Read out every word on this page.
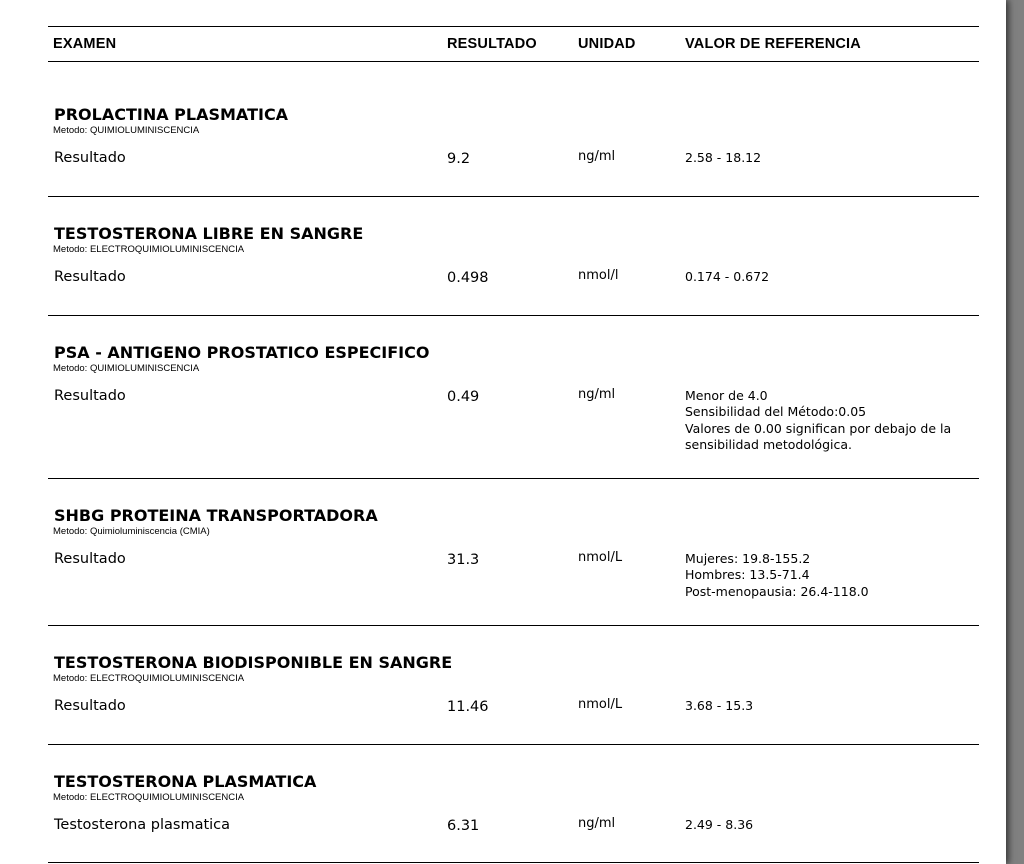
EXAMEN	RESULTADO	UNIDAD	VALOR DE REFERENCIA
PROLACTINA PLASMATICA
Metodo: QUIMIOLUMINISCENCIA
Resultado	9.2	ng/ml	2.58 - 18.12
TESTOSTERONA LIBRE EN SANGRE
Metodo: ELECTROQUIMIOLUMINISCENCIA
Resultado	0.498	nmol/l	0.174 - 0.672
PSA - ANTIGENO PROSTATICO ESPECIFICO
Metodo: QUIMIOLUMINISCENCIA
Resultado	0.49	ng/ml	Menor de 4.0
Sensibilidad del Método:0.05
Valores de 0.00 significan por debajo de la
sensibilidad metodológica.
SHBG PROTEINA TRANSPORTADORA
Metodo: Quimioluminiscencia (CMIA)
Resultado	31.3	nmol/L	Mujeres: 19.8-155.2
Hombres: 13.5-71.4
Post-menopausia: 26.4-118.0
TESTOSTERONA BIODISPONIBLE EN SANGRE
Metodo: ELECTROQUIMIOLUMINISCENCIA
Resultado	11.46	nmol/L	3.68 - 15.3
TESTOSTERONA PLASMATICA
Metodo: ELECTROQUIMIOLUMINISCENCIA
Testosterona plasmatica	6.31	ng/ml	2.49 - 8.36
